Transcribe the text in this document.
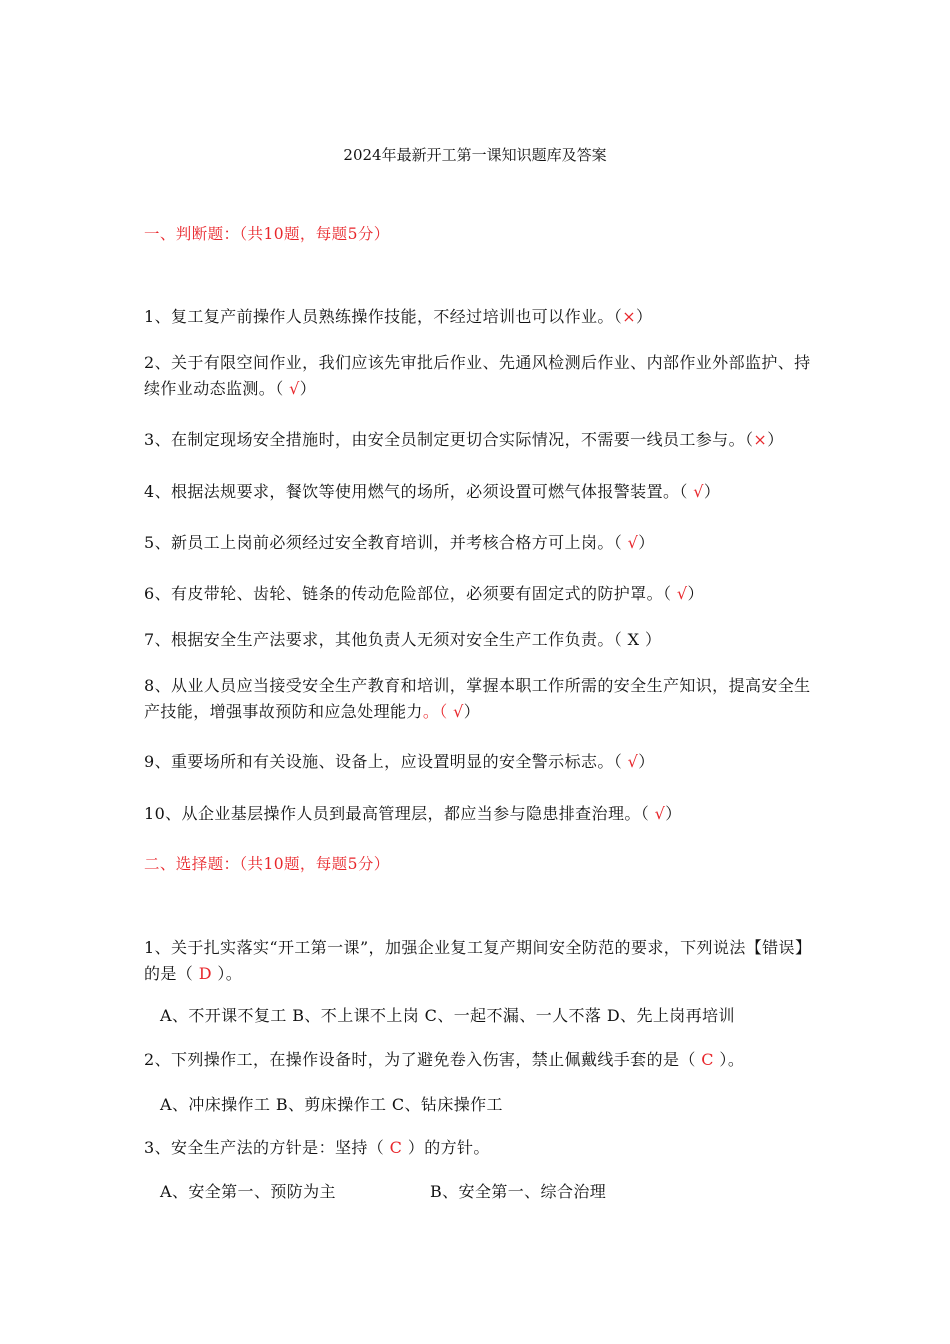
2024年最新开工第一课知识题库及答案
一、判断题：（共10题，每题5分）
1、复工复产前操作人员熟练操作技能，不经过培训也可以作业。（×）
2、关于有限空间作业，我们应该先审批后作业、先通风检测后作业、内部作业外部监护、持续作业动态监测。（ √）
3、在制定现场安全措施时，由安全员制定更切合实际情况，不需要一线员工参与。（×）
4、根据法规要求，餐饮等使用燃气的场所，必须设置可燃气体报警装置。（ √）
5、新员工上岗前必须经过安全教育培训，并考核合格方可上岗。（ √）
6、有皮带轮、齿轮、链条的传动危险部位，必须要有固定式的防护罩。（ √）
7、根据安全生产法要求，其他负责人无须对安全生产工作负责。（ X ）
8、从业人员应当接受安全生产教育和培训，掌握本职工作所需的安全生产知识，提高安全生产技能，增强事故预防和应急处理能力。（ √）
9、重要场所和有关设施、设备上，应设置明显的安全警示标志。（ √）
10、从企业基层操作人员到最高管理层，都应当参与隐患排查治理。（ √）
二、选择题：（共10题，每题5分）
1、关于扎实落实“开工第一课”，加强企业复工复产期间安全防范的要求，下列说法【错误】的是（ D ）。
A、不开课不复工 B、不上课不上岗 C、一起不漏、一人不落 D、先上岗再培训
2、下列操作工，在操作设备时，为了避免卷入伤害，禁止佩戴线手套的是（ C ）。
A、冲床操作工 B、剪床操作工 C、钻床操作工
3、安全生产法的方针是：坚持（ C ）的方针。
A、安全第一、预防为主	B、安全第一、综合治理
